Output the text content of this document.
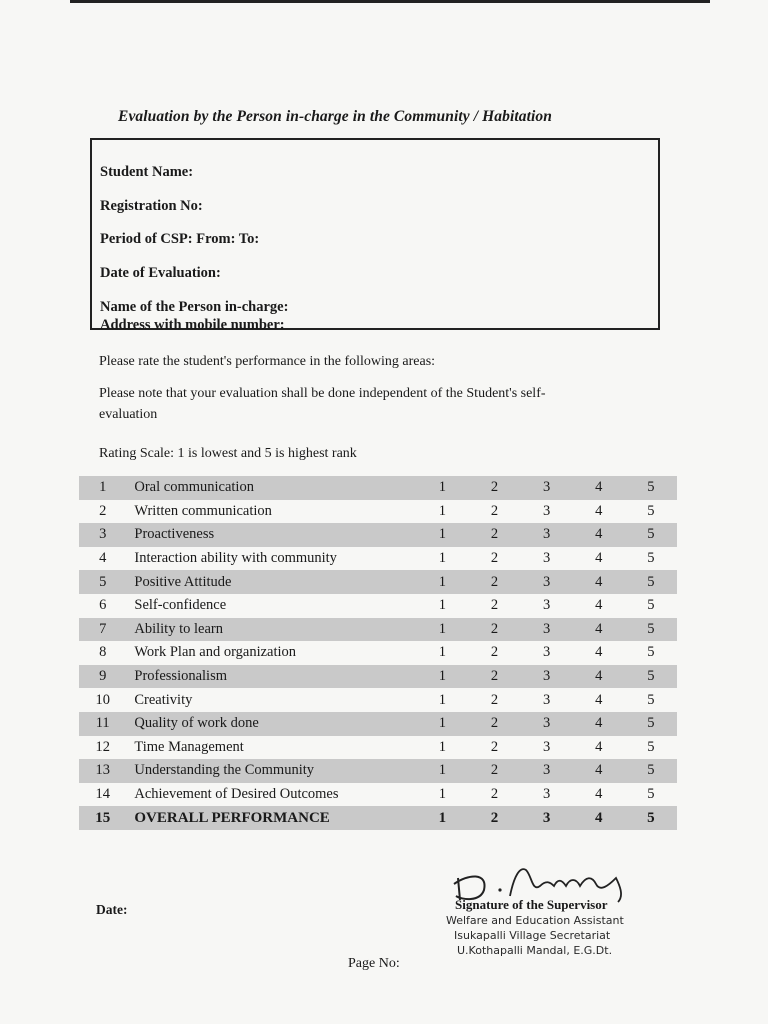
Evaluation by the Person in-charge in the Community / Habitation
Student Name:
Registration No:
Period of CSP: From: To:
Date of Evaluation:
Name of the Person in-charge:
Address with mobile number:
Please rate the student's performance in the following areas:
Please note that your evaluation shall be done independent of the Student's self-
evaluation
Rating Scale: 1 is lowest and 5 is highest rank
1	Oral communication	1	2	3	4	5
2	Written communication	1	2	3	4	5
3	Proactiveness	1	2	3	4	5
4	Interaction ability with community	1	2	3	4	5
5	Positive Attitude	1	2	3	4	5
6	Self-confidence	1	2	3	4	5
7	Ability to learn	1	2	3	4	5
8	Work Plan and organization	1	2	3	4	5
9	Professionalism	1	2	3	4	5
10	Creativity	1	2	3	4	5
11	Quality of work done	1	2	3	4	5
12	Time Management	1	2	3	4	5
13	Understanding the Community	1	2	3	4	5
14	Achievement of Desired Outcomes	1	2	3	4	5
15	OVERALL PERFORMANCE	1	2	3	4	5
Date:	Signature of the Supervisor
Welfare and Education Assistant
Isukapalli Village Secretariat
U.Kothapalli Mandal, E.G.Dt.
Page No:
